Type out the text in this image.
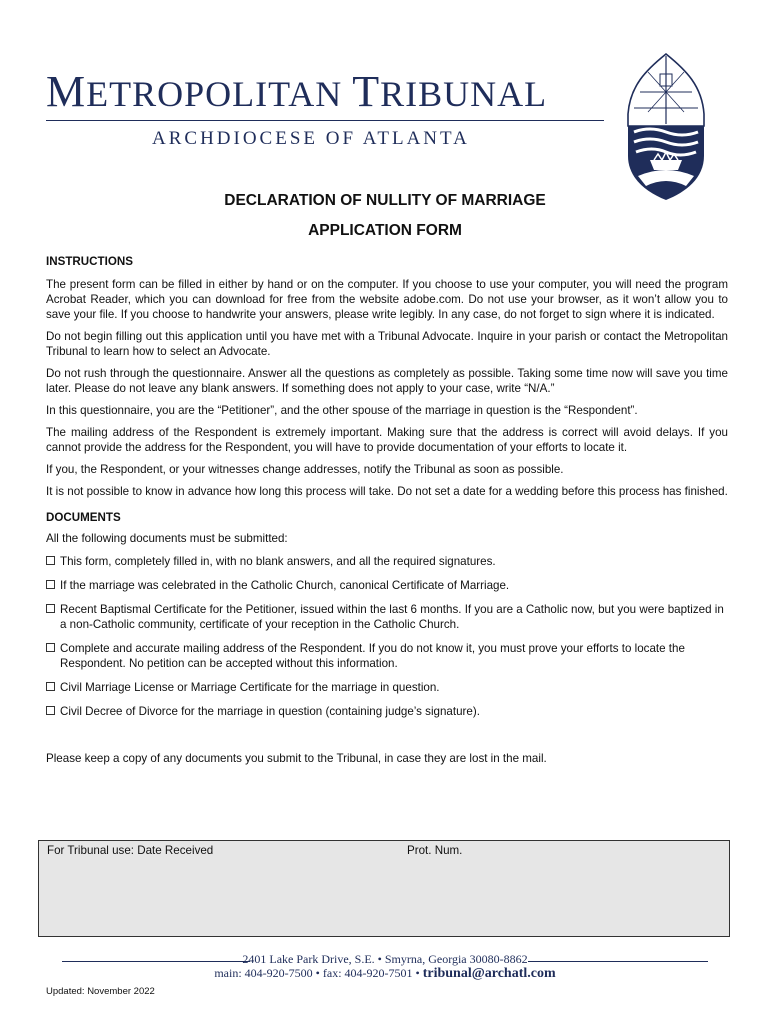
METROPOLITAN TRIBUNAL
ARCHDIOCESE OF ATLANTA
DECLARATION OF NULLITY OF MARRIAGE
APPLICATION FORM
INSTRUCTIONS

The present form can be filled in either by hand or on the computer. If you choose to use your computer, you will need the program Acrobat Reader, which you can download for free from the website adobe.com. Do not use your browser, as it won’t allow you to save your file. If you choose to handwrite your answers, please write legibly. In any case, do not forget to sign where it is indicated.

Do not begin filling out this application until you have met with a Tribunal Advocate. Inquire in your parish or contact the Metropolitan Tribunal to learn how to select an Advocate.

Do not rush through the questionnaire. Answer all the questions as completely as possible. Taking some time now will save you time later. Please do not leave any blank answers. If something does not apply to your case, write “N/A.”

In this questionnaire, you are the “Petitioner”, and the other spouse of the marriage in question is the “Respondent”.

The mailing address of the Respondent is extremely important. Making sure that the address is correct will avoid delays. If you cannot provide the address for the Respondent, you will have to provide documentation of your efforts to locate it.

If you, the Respondent, or your witnesses change addresses, notify the Tribunal as soon as possible.

It is not possible to know in advance how long this process will take. Do not set a date for a wedding before this process has finished.

DOCUMENTS
All the following documents must be submitted:
This form, completely filled in, with no blank answers, and all the required signatures.
If the marriage was celebrated in the Catholic Church, canonical Certificate of Marriage.
Recent Baptismal Certificate for the Petitioner, issued within the last 6 months. If you are a Catholic now, but you were baptized in a non-Catholic community, certificate of your reception in the Catholic Church.
Complete and accurate mailing address of the Respondent. If you do not know it, you must prove your efforts to locate the Respondent. No petition can be accepted without this information.
Civil Marriage License or Marriage Certificate for the marriage in question.
Civil Decree of Divorce for the marriage in question (containing judge’s signature).

Please keep a copy of any documents you submit to the Tribunal, in case they are lost in the mail.

For Tribunal use: Date Received	Prot. Num.
2401 Lake Park Drive, S.E. • Smyrna, Georgia 30080-8862
main: 404-920-7500 • fax: 404-920-7501 • tribunal@archatl.com
Updated: November 2022
